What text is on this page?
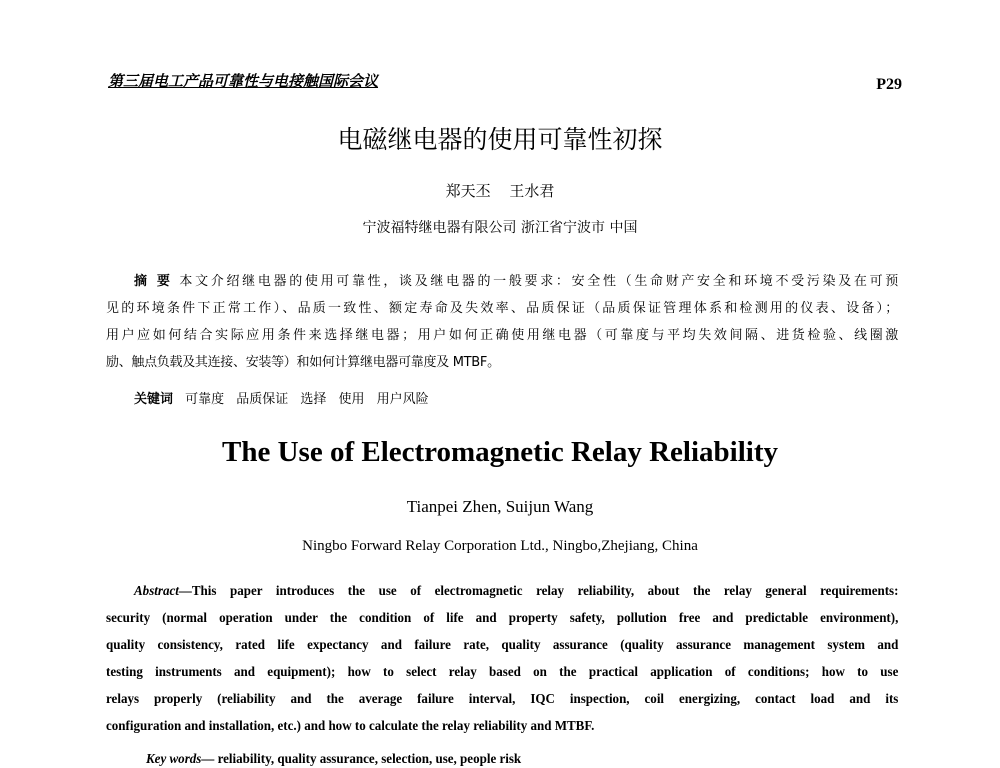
第三届电工产品可靠性与电接触国际会议	P29
电磁继电器的使用可靠性初探
郑天丕 王水君
宁波福特继电器有限公司 浙江省宁波市 中国
摘 要 本文介绍继电器的使用可靠性，谈及继电器的一般要求：安全性（生命财产安全和环境不受污染及在可预
见的环境条件下正常工作）、品质一致性、额定寿命及失效率、品质保证（品质保证管理体系和检测用的仪表、设备）；
用户应如何结合实际应用条件来选择继电器；用户如何正确使用继电器（可靠度与平均失效间隔、进货检验、线圈激
励、触点负载及其连接、安装等）和如何计算继电器可靠度及 MTBF。
关键词 可靠度 品质保证 选择 使用 用户风险
The Use of Electromagnetic Relay Reliability
Tianpei Zhen, Suijun Wang
Ningbo Forward Relay Corporation Ltd., Ningbo,Zhejiang, China
Abstract—This paper introduces the use of electromagnetic relay reliability, about the relay general requirements:
security (normal operation under the condition of life and property safety, pollution free and predictable environment),
quality consistency, rated life expectancy and failure rate, quality assurance (quality assurance management system and
testing instruments and equipment); how to select relay based on the practical application of conditions; how to use
relays properly (reliability and the average failure interval, IQC inspection, coil energizing, contact load and its
configuration and installation, etc.) and how to calculate the relay reliability and MTBF.
Key words— reliability, quality assurance, selection, use, people risk
